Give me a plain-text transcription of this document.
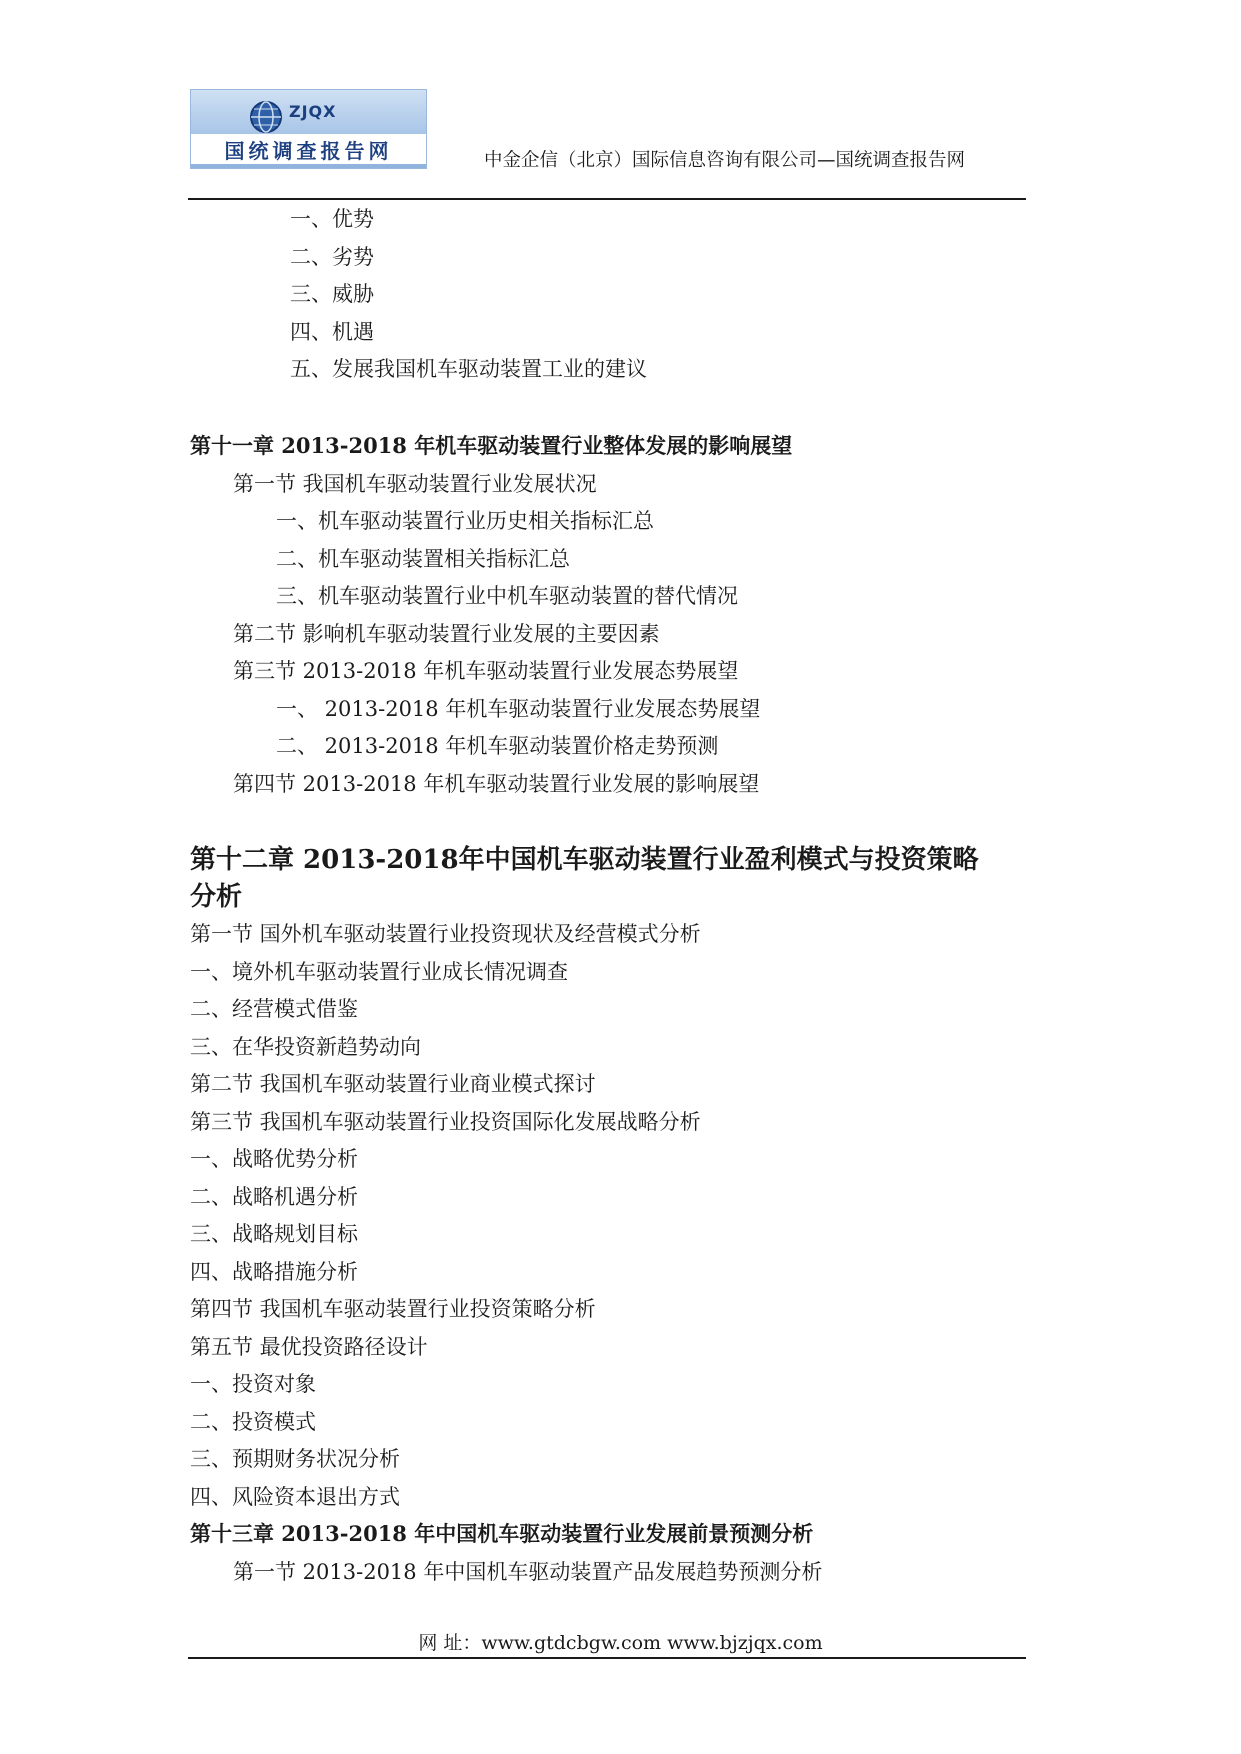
ZJQX
国统调查报告网	中金企信（北京）国际信息咨询有限公司—国统调查报告网
一、优势
二、劣势
三、威胁
四、机遇
五、发展我国机车驱动装置工业的建议
第十一章 2013-2018 年机车驱动装置行业整体发展的影响展望
第一节 我国机车驱动装置行业发展状况
一、机车驱动装置行业历史相关指标汇总
二、机车驱动装置相关指标汇总
三、机车驱动装置行业中机车驱动装置的替代情况
第二节 影响机车驱动装置行业发展的主要因素
第三节 2013-2018 年机车驱动装置行业发展态势展望
一、 2013-2018 年机车驱动装置行业发展态势展望
二、 2013-2018 年机车驱动装置价格走势预测
第四节 2013-2018 年机车驱动装置行业发展的影响展望
第十二章 2013-2018年中国机车驱动装置行业盈利模式与投资策略
分析
第一节 国外机车驱动装置行业投资现状及经营模式分析
一、境外机车驱动装置行业成长情况调查
二、经营模式借鉴
三、在华投资新趋势动向
第二节 我国机车驱动装置行业商业模式探讨
第三节 我国机车驱动装置行业投资国际化发展战略分析
一、战略优势分析
二、战略机遇分析
三、战略规划目标
四、战略措施分析
第四节 我国机车驱动装置行业投资策略分析
第五节 最优投资路径设计
一、投资对象
二、投资模式
三、预期财务状况分析
四、风险资本退出方式
第十三章 2013-2018 年中国机车驱动装置行业发展前景预测分析
第一节 2013-2018 年中国机车驱动装置产品发展趋势预测分析
网 址：www.gtdcbgw.com www.bjzjqx.com
